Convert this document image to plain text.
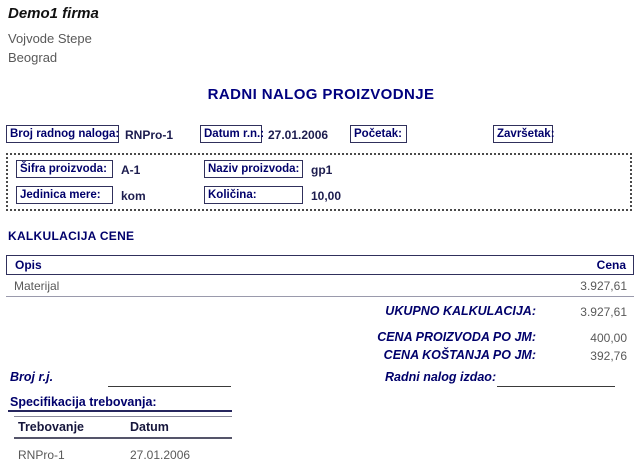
Demo1 firma
Vojvode Stepe
Beograd
RADNI NALOG PROIZVODNJE
Broj radnog naloga: RNPro-1	Datum r.n.: 27.01.2006	Početak:	Završetak:
Šifra proizvoda:	A-1	Naziv proizvoda: gp1
Jedinica mere:	kom	Količina:	10,00
KALKULACIJA CENE
Opis	Cena
Materijal	3.927,61
UKUPNO KALKULACIJA:	3.927,61
CENA PROIZVODA PO JM:	400,00
CENA KOŠTANJA PO JM:	392,76
Broj r.j.	Radni nalog izdao:
Specifikacija trebovanja:
Trebovanje	Datum
RNPro-1	27.01.2006
